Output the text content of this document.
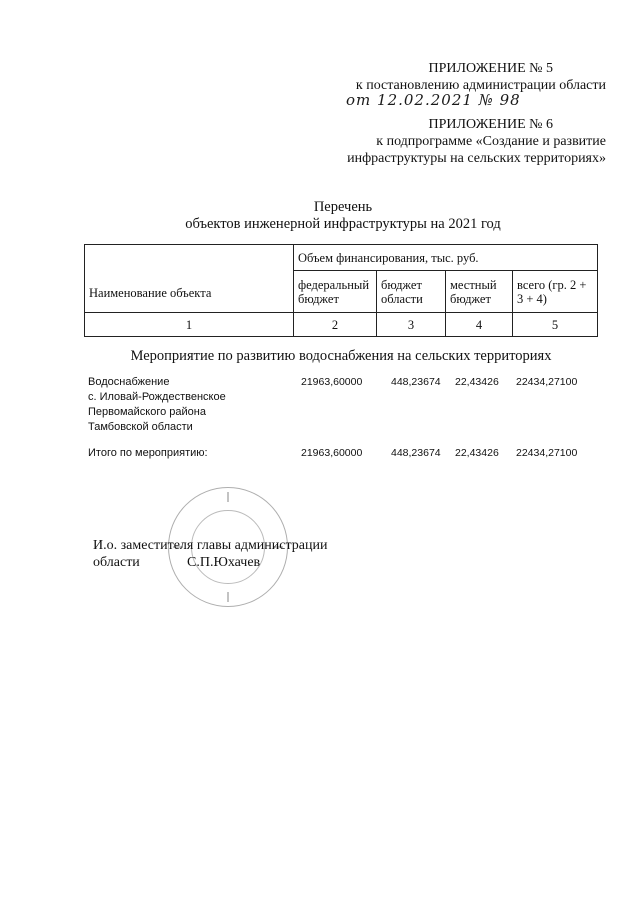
ПРИЛОЖЕНИЕ № 5
к постановлению администрации области
от 12.02.2021 № 98
ПРИЛОЖЕНИЕ № 6
к подпрограмме «Создание и развитие
инфраструктуры на сельских территориях»
Перечень
объектов инженерной инфраструктуры на 2021 год
Наименование объекта	Объем финансирования, тыс. руб.			
	федеральный бюджет	бюджет области	местный бюджет	всего (гр. 2 + 3 + 4)
1	2	3	4	5
Мероприятие по развитию водоснабжения на сельских территориях
Водоснабжение
с. Иловай-Рождественское
Первомайского района
Тамбовской области
21963,60000	448,23674 22,43426 22434,27100
Итого по мероприятию:	21963,60000	448,23674 22,43426 22434,27100
И.о. заместителя главы администрации
области	С.П.Юхачев
